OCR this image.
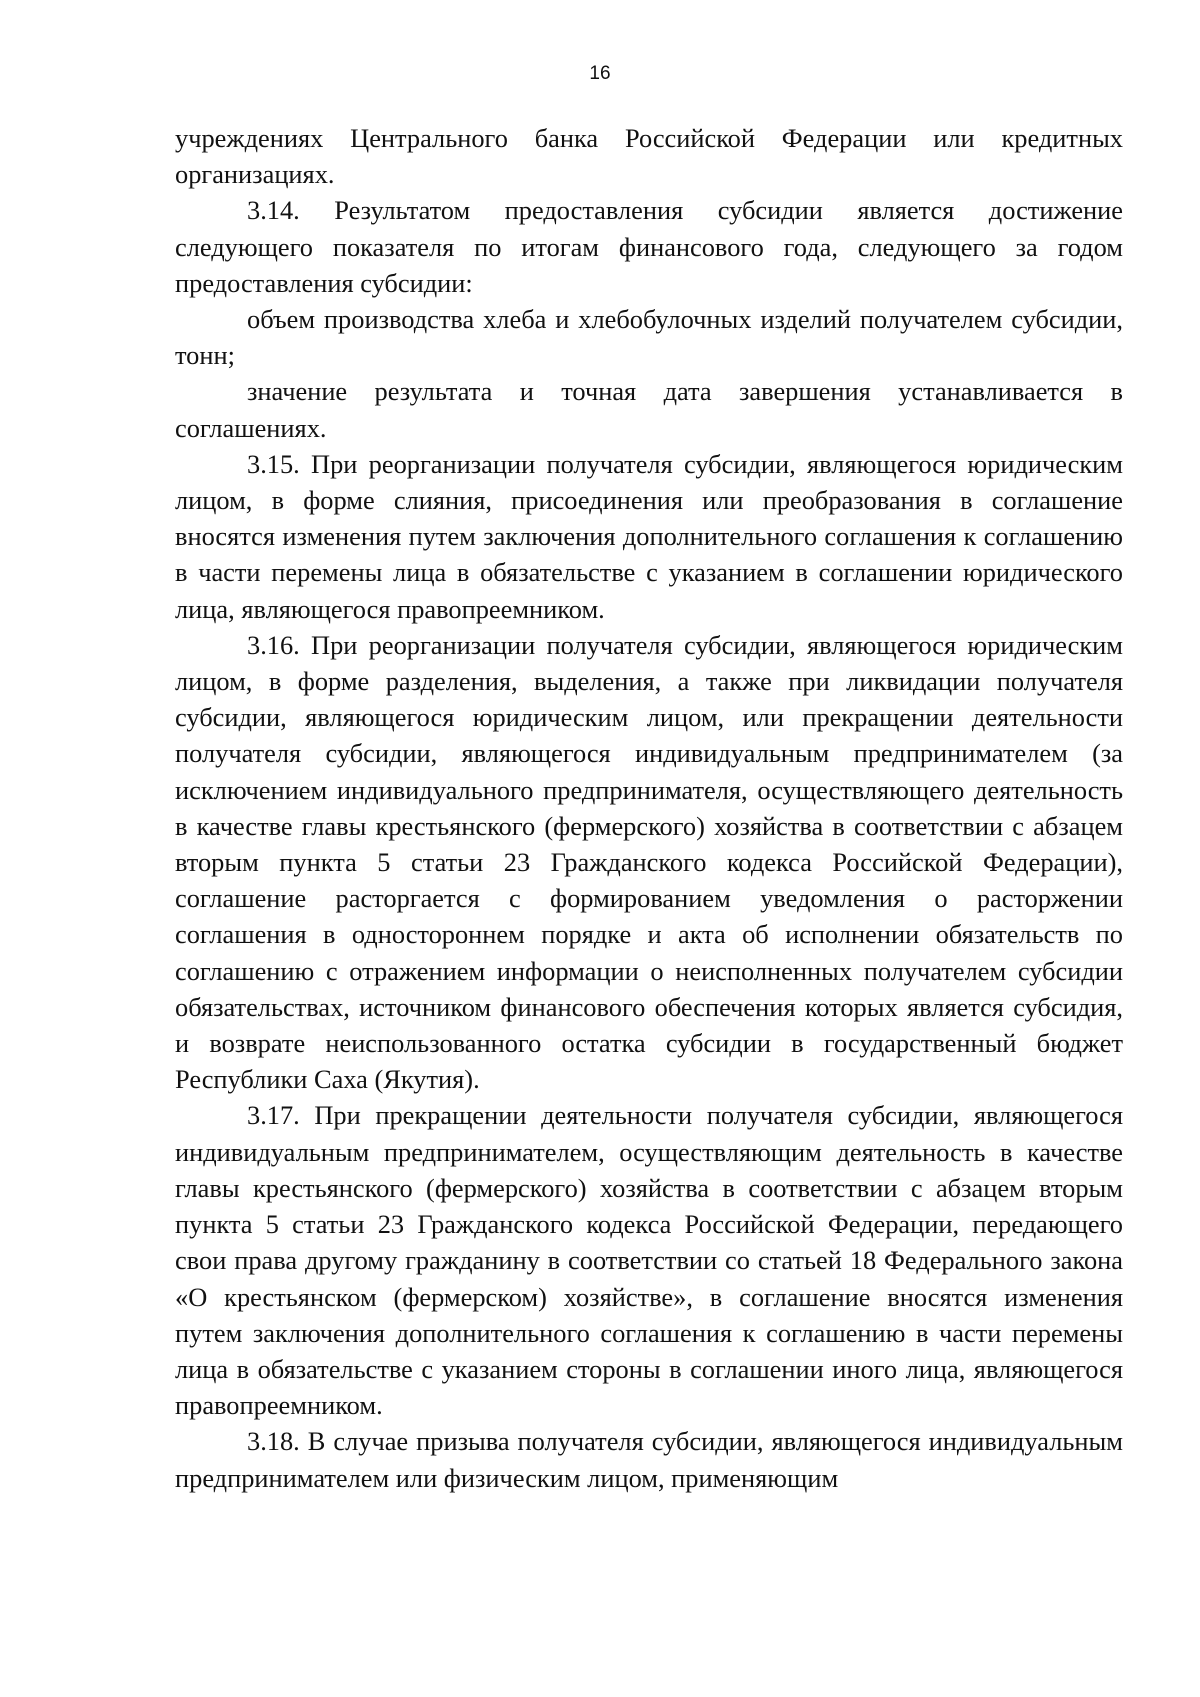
16

учреждениях Центрального банка Российской Федерации или кредитных организациях.

3.14. Результатом предоставления субсидии является достижение следующего показателя по итогам финансового года, следующего за годом предоставления субсидии:

объем производства хлеба и хлебобулочных изделий получателем субсидии, тонн;

значение результата и точная дата завершения устанавливается в соглашениях.

3.15. При реорганизации получателя субсидии, являющегося юридическим лицом, в форме слияния, присоединения или преобразования в соглашение вносятся изменения путем заключения дополнительного соглашения к соглашению в части перемены лица в обязательстве с указанием в соглашении юридического лица, являющегося правопреемником.

3.16. При реорганизации получателя субсидии, являющегося юридическим лицом, в форме разделения, выделения, а также при ликвидации получателя субсидии, являющегося юридическим лицом, или прекращении деятельности получателя субсидии, являющегося индивидуальным предпринимателем (за исключением индивидуального предпринимателя, осуществляющего деятельность в качестве главы крестьянского (фермерского) хозяйства в соответствии с абзацем вторым пункта 5 статьи 23 Гражданского кодекса Российской Федерации), соглашение расторгается с формированием уведомления о расторжении соглашения в одностороннем порядке и акта об исполнении обязательств по соглашению с отражением информации о неисполненных получателем субсидии обязательствах, источником финансового обеспечения которых является субсидия, и возврате неиспользованного остатка субсидии в государственный бюджет Республики Саха (Якутия).

3.17. При прекращении деятельности получателя субсидии, являющегося индивидуальным предпринимателем, осуществляющим деятельность в качестве главы крестьянского (фермерского) хозяйства в соответствии с абзацем вторым пункта 5 статьи 23 Гражданского кодекса Российской Федерации, передающего свои права другому гражданину в соответствии со статьей 18 Федерального закона «О крестьянском (фермерском) хозяйстве», в соглашение вносятся изменения путем заключения дополнительного соглашения к соглашению в части перемены лица в обязательстве с указанием стороны в соглашении иного лица, являющегося правопреемником.

3.18. В случае призыва получателя субсидии, являющегося индивидуальным предпринимателем или физическим лицом, применяющим
